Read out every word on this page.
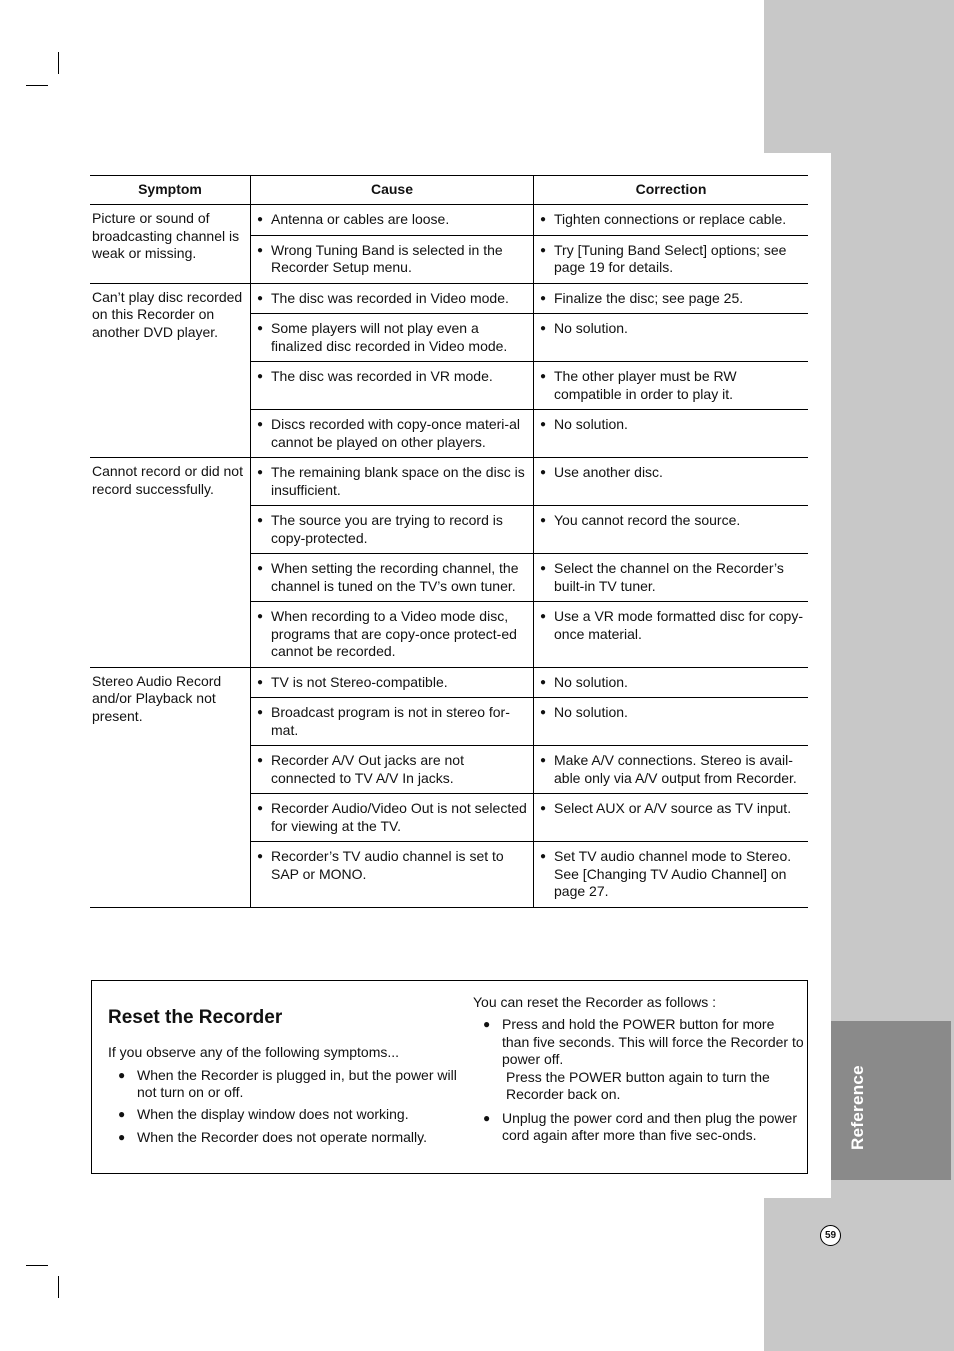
Reference
59
Symptom	Cause	Correction
Picture or sound of broadcasting channel is weak or missing.	● Antenna or cables are loose.	● Tighten connections or replace cable.

	● Wrong Tuning Band is selected in the Recorder Setup menu.	● Try [Tuning Band Select] options; see page 19 for details.

Can’t play disc recorded on this Recorder on another DVD player.	● The disc was recorded in Video mode.	● Finalize the disc; see page 25.

	● Some players will not play even a finalized disc recorded in Video mode.	● No solution.

	● The disc was recorded in VR mode.	● The other player must be RW compatible in order to play it.

	● Discs recorded with copy-once materi-al cannot be played on other players.	● No solution.

Cannot record or did not record successfully.	● The remaining blank space on the disc is insufficient.	● Use another disc.

	● The source you are trying to record is copy-protected.	● You cannot record the source.

	● When setting the recording channel, the channel is tuned on the TV’s own tuner.	● Select the channel on the Recorder’s built-in TV tuner.

	● When recording to a Video mode disc, programs that are copy-once protect-ed cannot be recorded.	● Use a VR mode formatted disc for copy-once material.

Stereo Audio Record and/or Playback not present.	● TV is not Stereo-compatible.	● No solution.

	● Broadcast program is not in stereo for-mat.	● No solution.

	● Recorder A/V Out jacks are not connected to TV A/V In jacks.	● Make A/V connections. Stereo is avail-able only via A/V output from Recorder.

	● Recorder Audio/Video Out is not selected for viewing at the TV.	● Select AUX or A/V source as TV input.

	● Recorder’s TV audio channel is set to SAP or MONO.	● Set TV audio channel mode to Stereo. See [Changing TV Audio Channel] on page 27.
Reset the Recorder
If you observe any of the following symptoms...
● When the Recorder is plugged in, but the power will not turn on or off.
● When the display window does not working.
● When the Recorder does not operate normally.
You can reset the Recorder as follows :
● Press and hold the POWER button for more than five seconds. This will force the Recorder to power off.
Press the POWER button again to turn the Recorder back on.
● Unplug the power cord and then plug the power cord again after more than five sec-onds.
